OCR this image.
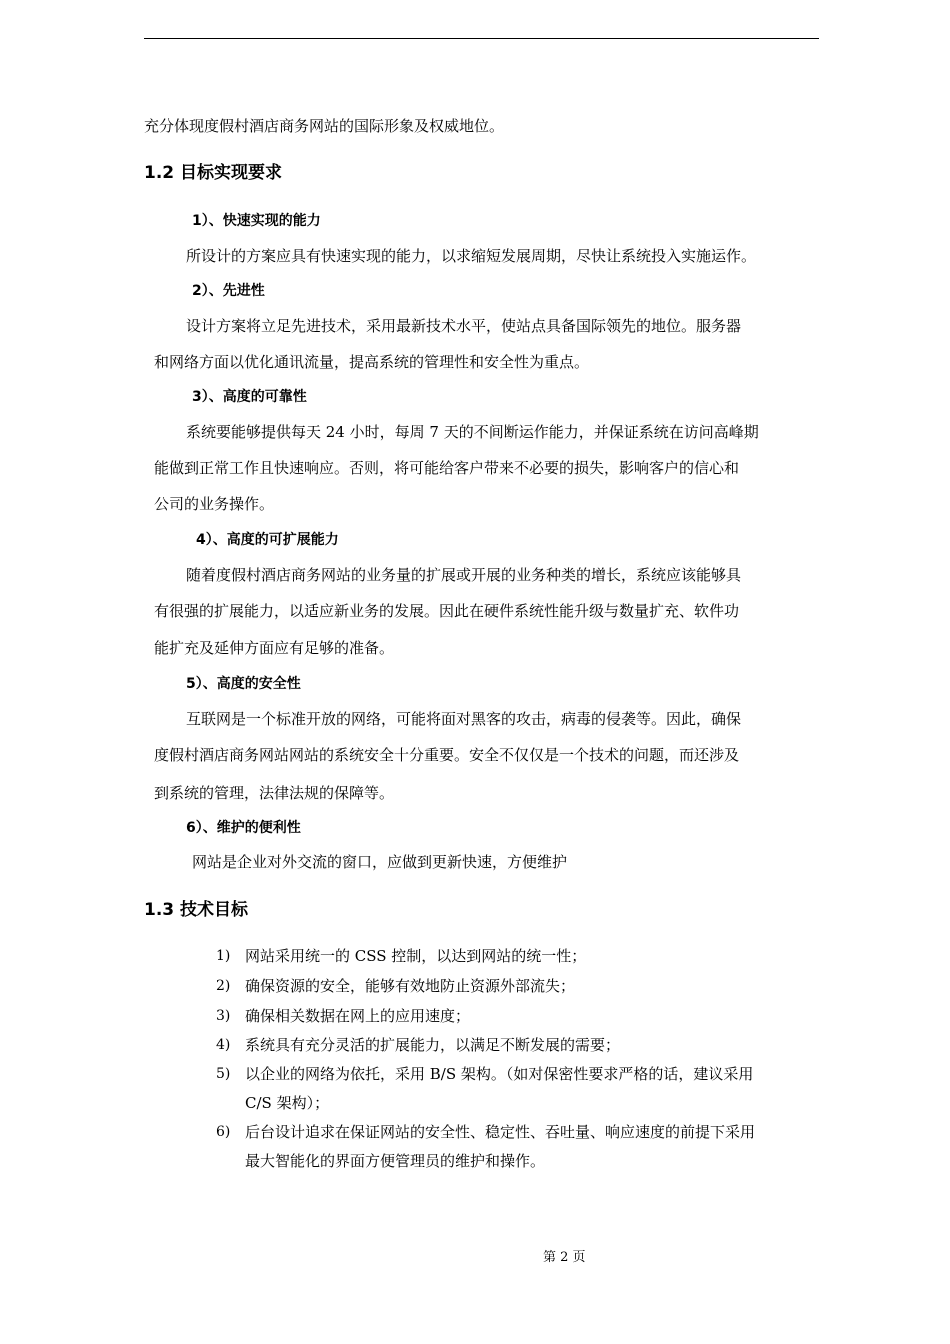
充分体现度假村酒店商务网站的国际形象及权威地位。

1.2 目标实现要求

1）、快速实现的能力

所设计的方案应具有快速实现的能力，以求缩短发展周期，尽快让系统投入实施运作。

2）、先进性

设计方案将立足先进技术，采用最新技术水平，使站点具备国际领先的地位。服务器

和网络方面以优化通讯流量，提高系统的管理性和安全性为重点。

3）、高度的可靠性

系统要能够提供每天 24 小时，每周 7 天的不间断运作能力，并保证系统在访问高峰期

能做到正常工作且快速响应。否则，将可能给客户带来不必要的损失，影响客户的信心和

公司的业务操作。

4）、高度的可扩展能力

随着度假村酒店商务网站的业务量的扩展或开展的业务种类的增长，系统应该能够具

有很强的扩展能力，以适应新业务的发展。因此在硬件系统性能升级与数量扩充、软件功

能扩充及延伸方面应有足够的准备。

5）、高度的安全性

互联网是一个标准开放的网络，可能将面对黑客的攻击，病毒的侵袭等。因此，确保

度假村酒店商务网站网站的系统安全十分重要。安全不仅仅是一个技术的问题，而还涉及

到系统的管理，法律法规的保障等。

6）、维护的便利性

网站是企业对外交流的窗口，应做到更新快速，方便维护

1.3 技术目标

1) 网站采用统一的 CSS 控制，以达到网站的统一性；

2) 确保资源的安全，能够有效地防止资源外部流失；

3) 确保相关数据在网上的应用速度；

4) 系统具有充分灵活的扩展能力，以满足不断发展的需要；

5) 以企业的网络为依托，采用 B/S 架构。（如对保密性要求严格的话，建议采用

C/S 架构）；

6) 后台设计追求在保证网站的安全性、稳定性、吞吐量、响应速度的前提下采用

最大智能化的界面方便管理员的维护和操作。

第 2 页
